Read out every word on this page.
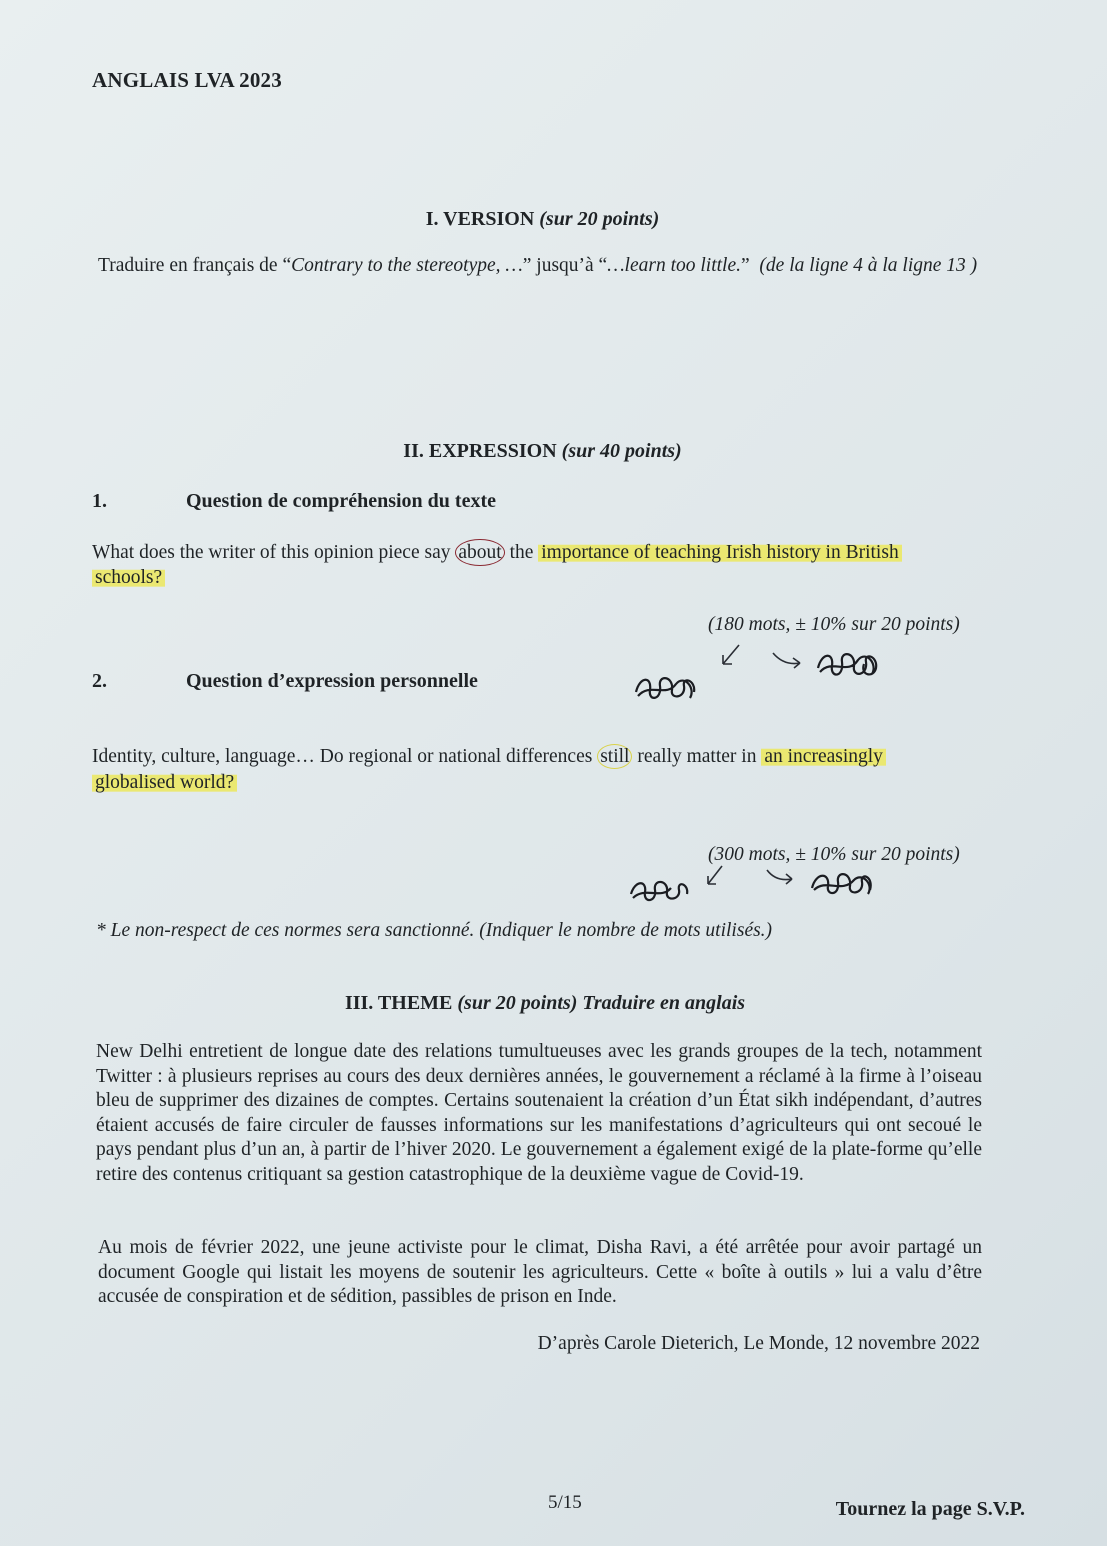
ANGLAIS LVA 2023
I. VERSION (sur 20 points)
Traduire en français de “Contrary to the stereotype, …” jusqu’à “…learn too little.” (de la ligne 4 à la ligne 13 )
II. EXPRESSION (sur 40 points)
1.	Question de compréhension du texte
What does the writer of this opinion piece say about the importance of teaching Irish history in British
schools?
(180 mots, ± 10% sur 20 points)
2.	Question d’expression personnelle
Identity, culture, language… Do regional or national differences still really matter in an increasingly
globalised world?
(300 mots, ± 10% sur 20 points)
* Le non-respect de ces normes sera sanctionné. (Indiquer le nombre de mots utilisés.)
III. THEME (sur 20 points) Traduire en anglais
New Delhi entretient de longue date des relations tumultueuses avec les grands groupes de la tech, notamment Twitter : à plusieurs reprises au cours des deux dernières années, le gouvernement a réclamé à la firme à l’oiseau bleu de supprimer des dizaines de comptes. Certains soutenaient la création d’un État sikh indépendant, d’autres étaient accusés de faire circuler de fausses informations sur les manifestations d’agriculteurs qui ont secoué le pays pendant plus d’un an, à partir de l’hiver 2020. Le gouvernement a également exigé de la plate-forme qu’elle retire des contenus critiquant sa gestion catastrophique de la deuxième vague de Covid-19.
Au mois de février 2022, une jeune activiste pour le climat, Disha Ravi, a été arrêtée pour avoir partagé un document Google qui listait les moyens de soutenir les agriculteurs. Cette « boîte à outils » lui a valu d’être accusée de conspiration et de sédition, passibles de prison en Inde.
D’après Carole Dieterich, Le Monde, 12 novembre 2022
5/15	Tournez la page S.V.P.
